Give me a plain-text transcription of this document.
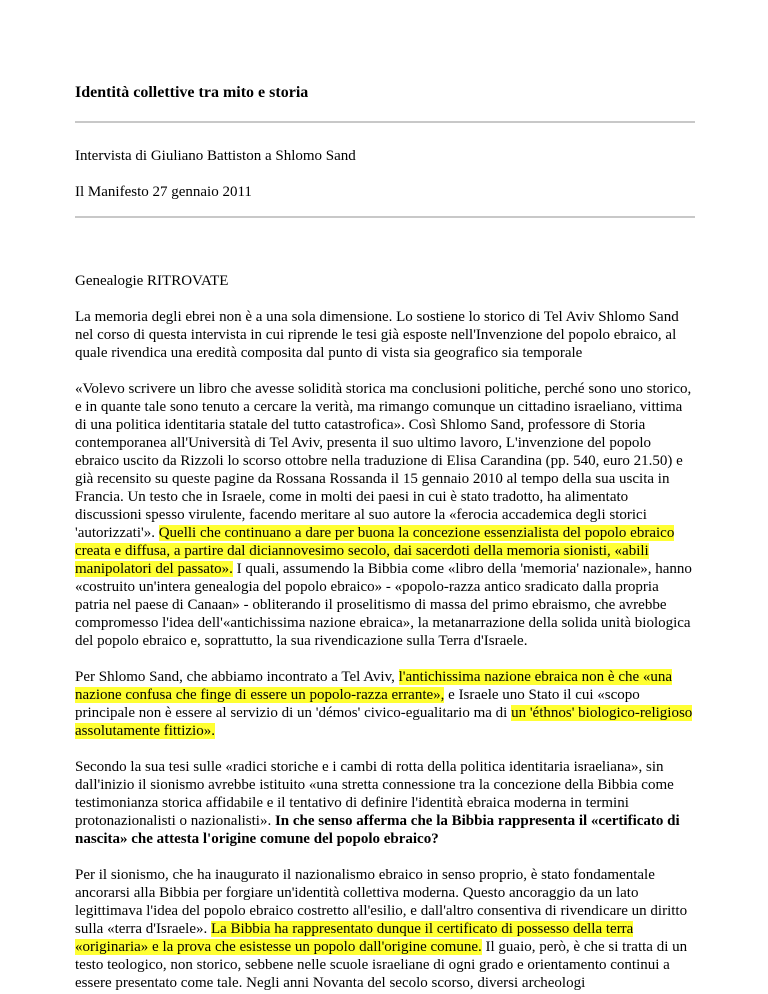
Identità collettive tra mito e storia

Intervista di Giuliano Battiston a Shlomo Sand

Il Manifesto 27 gennaio 2011

Genealogie RITROVATE

La memoria degli ebrei non è a una sola dimensione. Lo sostiene lo storico di Tel Aviv Shlomo Sand nel corso di questa intervista in cui riprende le tesi già esposte nell'Invenzione del popolo ebraico, al quale rivendica una eredità composita dal punto di vista sia geografico sia temporale

«Volevo scrivere un libro che avesse solidità storica ma conclusioni politiche, perché sono uno storico, e in quante tale sono tenuto a cercare la verità, ma rimango comunque un cittadino israeliano, vittima di una politica identitaria statale del tutto catastrofica». Così Shlomo Sand, professore di Storia contemporanea all'Università di Tel Aviv, presenta il suo ultimo lavoro, L'invenzione del popolo ebraico uscito da Rizzoli lo scorso ottobre nella traduzione di Elisa Carandina (pp. 540, euro 21.50) e già recensito su queste pagine da Rossana Rossanda il 15 gennaio 2010 al tempo della sua uscita in Francia. Un testo che in Israele, come in molti dei paesi in cui è stato tradotto, ha alimentato discussioni spesso virulente, facendo meritare al suo autore la «ferocia accademica degli storici 'autorizzati'». Quelli che continuano a dare per buona la concezione essenzialista del popolo ebraico creata e diffusa, a partire dal diciannovesimo secolo, dai sacerdoti della memoria sionisti, «abili manipolatori del passato». I quali, assumendo la Bibbia come «libro della 'memoria' nazionale», hanno «costruito un'intera genealogia del popolo ebraico» - «popolo-razza antico sradicato dalla propria patria nel paese di Canaan» - obliterando il proselitismo di massa del primo ebraismo, che avrebbe compromesso l'idea dell'«antichissima nazione ebraica», la metanarrazione della solida unità biologica del popolo ebraico e, soprattutto, la sua rivendicazione sulla Terra d'Israele.

Per Shlomo Sand, che abbiamo incontrato a Tel Aviv, l'antichissima nazione ebraica non è che «una nazione confusa che finge di essere un popolo-razza errante», e Israele uno Stato il cui «scopo principale non è essere al servizio di un 'démos' civico-egualitario ma di un 'éthnos' biologico-religioso assolutamente fittizio».

Secondo la sua tesi sulle «radici storiche e i cambi di rotta della politica identitaria israeliana», sin dall'inizio il sionismo avrebbe istituito «una stretta connessione tra la concezione della Bibbia come testimonianza storica affidabile e il tentativo di definire l'identità ebraica moderna in termini protonazionalisti o nazionalisti». In che senso afferma che la Bibbia rappresenta il «certificato di nascita» che attesta l'origine comune del popolo ebraico?

Per il sionismo, che ha inaugurato il nazionalismo ebraico in senso proprio, è stato fondamentale ancorarsi alla Bibbia per forgiare un'identità collettiva moderna. Questo ancoraggio da un lato legittimava l'idea del popolo ebraico costretto all'esilio, e dall'altro consentiva di rivendicare un diritto sulla «terra d'Israele». La Bibbia ha rappresentato dunque il certificato di possesso della terra «originaria» e la prova che esistesse un popolo dall'origine comune. Il guaio, però, è che si tratta di un testo teologico, non storico, sebbene nelle scuole israeliane di ogni grado e orientamento continui a essere presentato come tale. Negli anni Novanta del secolo scorso, diversi archeologi
